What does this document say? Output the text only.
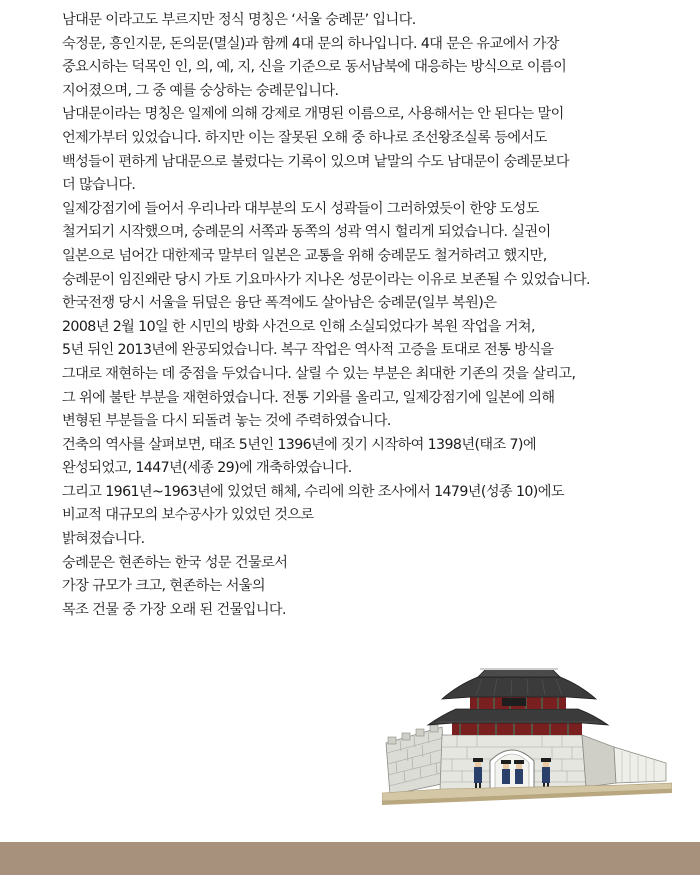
남대문 이라고도 부르지만 정식 명칭은 ‘서울 숭례문’ 입니다.
숙정문, 흥인지문, 돈의문(멸실)과 함께 4대 문의 하나입니다. 4대 문은 유교에서 가장
중요시하는 덕목인 인, 의, 예, 지, 신을 기준으로 동서남북에 대응하는 방식으로 이름이
지어졌으며, 그 중 예를 숭상하는 숭례문입니다.
남대문이라는 명칭은 일제에 의해 강제로 개명된 이름으로, 사용해서는 안 된다는 말이
언제가부터 있었습니다. 하지만 이는 잘못된 오해 중 하나로 조선왕조실록 등에서도
백성들이 편하게 남대문으로 불렀다는 기록이 있으며 낱말의 수도 남대문이 숭례문보다
더 많습니다.
일제강점기에 들어서 우리나라 대부분의 도시 성곽들이 그러하였듯이 한양 도성도
철거되기 시작했으며, 숭례문의 서쪽과 동쪽의 성곽 역시 헐리게 되었습니다. 실권이
일본으로 넘어간 대한제국 말부터 일본은 교통을 위해 숭례문도 철거하려고 했지만,
숭례문이 임진왜란 당시 가토 기요마사가 지나온 성문이라는 이유로 보존될 수 있었습니다.
한국전쟁 당시 서울을 뒤덮은 융단 폭격에도 살아남은 숭례문(일부 복원)은
2008년 2월 10일 한 시민의 방화 사건으로 인해 소실되었다가 복원 작업을 거쳐,
5년 뒤인 2013년에 완공되었습니다. 복구 작업은 역사적 고증을 토대로 전통 방식을
그대로 재현하는 데 중점을 두었습니다. 살릴 수 있는 부분은 최대한 기존의 것을 살리고,
그 위에 불탄 부분을 재현하였습니다. 전통 기와를 올리고, 일제강점기에 일본에 의해
변형된 부분들을 다시 되돌려 놓는 것에 주력하였습니다.
건축의 역사를 살펴보면, 태조 5년인 1396년에 짓기 시작하여 1398년(태조 7)에
완성되었고, 1447년(세종 29)에 개축하였습니다.
그리고 1961년~1963년에 있었던 해체, 수리에 의한 조사에서 1479년(성종 10)에도
비교적 대규모의 보수공사가 있었던 것으로
밝혀졌습니다.
숭례문은 현존하는 한국 성문 건물로서
가장 규모가 크고, 현존하는 서울의
목조 건물 중 가장 오래 된 건물입니다.
